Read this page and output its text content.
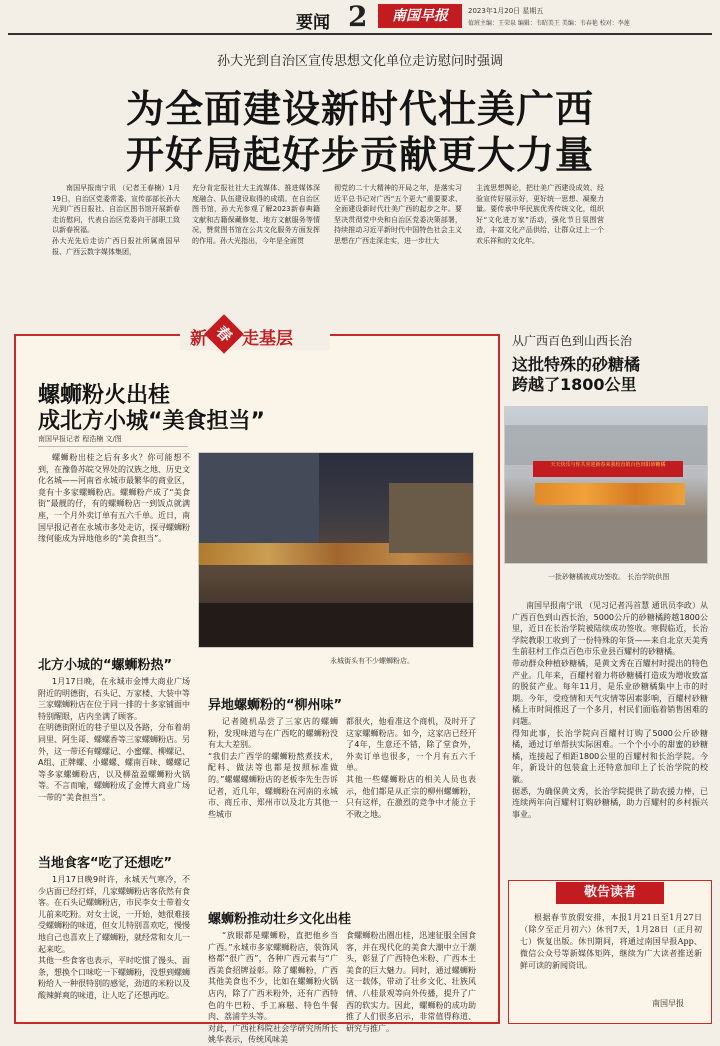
要闻 2	南国早报	2023年1月20日 星期五
值班主编：王荣泉 编辑：韦昭美王 美编：韦春艳 校对：李莲
孙大光到自治区宣传思想文化单位走访慰问时强调
为全面建设新时代壮美广西
开好局起好步贡献更大力量
南国早报南宁讯 （记者王春楠）1月19日，自治区党委常委、宣传部部长孙大光到广西日报社、自治区图书馆开展新春走访慰问，代表自治区党委向干部职工致以新春祝福。
孙大光先后走访广西日报社所属南国早报、广西云数字媒体集团，
充分肯定报社社大主流媒体、推进媒体深度融合、队伍建设取得的成绩。在自治区图书馆，孙大光参观了解2023新春典籍文献和古籍保藏修复、地方文献服务等情况，赞赏图书馆在公共文化服务方面发挥的作用。孙大光指出，今年是全面贯
彻党的二十大精神的开局之年，是落实习近平总书记对广西“五个更大”重要要求、全面建设新时代壮美广西的起步之年。要坚决贯彻党中央和自治区党委决策部署，持续推动习近平新时代中国特色社会主义思想在广西走深走实，进一步壮大
主流思想舆论，把壮美广西建设成效、经验宣传好展示好，更好统一思想、凝聚力量。要传承中华民族优秀传统文化，组织好“文化进万家”活动，强化节日氛围营造，丰富文化产品供给，让群众过上一个欢乐祥和的文化年。
新 春 走基层
螺蛳粉火出桂
成北方小城“美食担当”
南国早报记者 程浩楠 文/图
螺蛳粉出桂之后有多火？你可能想不到，在豫鲁苏皖交界处的汉族之地、历史文化名城——河南省永城市最繁华的商业区，竟有十多家螺蛳粉店。螺蛳粉产成了“美食街”最靓的仔，有的螺蛳粉店一到饭点就满座，一个月外卖订单有五六千单。近日，南国早报记者在永城市多处走访，探寻螺蛳粉缘何能成为异地他乡的“美食担当”。
永城街头有不少螺蛳粉店。
北方小城的“螺蛳粉热”
1月17日晚，在永城市金博大商业广场附近的明德街，石头记、万家楼、大装中等三家螺蛳粉店在位于同一排的十多家铺面中特别醒眼，店内坐满了顾客。
在明德街附近的巷子里以及各路，分布着胡同里、阿生哥、螺螺香等三家螺蛳粉店。另外，这一带还有螺螺记、小蜜螺、柳螺记、A组、正牌螺、小螺螺、螺南百味、螺螺记等多家螺蛳粉店，以及柳盈盈螺蛳粉火锅等。不言而喻，螺蛳粉成了金博大商业广场一带的“美食担当”。
当地食客“吃了还想吃”
1月17日晚9时许，永城天气寒冷，不少店面已经打烊，几家螺蛳粉店客依然有食客。在石头记螺蛳粉店，市民李女士带着女儿前来吃粉。对女士说，一开始，她很难接受螺蛳粉的味道，但女儿特别喜欢吃，慢慢地自己也喜欢上了螺蛳粉，就经常和女儿一起来吃。
其他一些食客也表示，平时吃惯了馒头、面条，想换个口味吃一下螺蛳粉，没想到螺蛳粉给人一种很特别的感觉，劲道的米粉以及酸辣鲜爽的味道，让人吃了还想再吃。
异地螺蛳粉的“柳州味”
记者随机品尝了三家店的螺蛳粉，发现味道与在广西吃的螺蛳粉没有太大差别。
“我们去广西学的螺蛳粉熬煮技术，配料、做法等也都是按照标准做的。”螺螺螺蛳粉店的老板李先生告诉记者，近几年，螺蛳粉在河南的永城市、商丘市、郑州市以及北方其他一些城市
都很火，他看准这个商机，及时开了这家螺蛳粉店。如今，这家店已经开了4年，生意还不错，除了堂食外，外卖订单也很多，一个月有五六千单。
其他一些螺蛳粉店的相关人员也表示，他们都是从正宗的柳州螺蛳粉，只有这样，在激烈的竞争中才能立于不败之地。
螺蛳粉推动壮乡文化出桂
“放眼都是螺蛳粉，直把他乡当广西。”永城市多家螺蛳粉店，装饰风格都“很广西”，各种广西元素与“广西美食招牌益彰。除了螺蛳粉，广西其他美食也不少，比如在螺蛳粉火锅店内，除了广西米粉外，还有广西特色的牛巴粉、手工麻糍、特色牛餐肉、荔浦芋头等。
对此，广西社科院社会学研究所所长姚华表示，传统风味美
食螺蛳粉出圈出桂，迅速征服全国食客，并在现代化的美食大潮中立于潮头，彰显了广西特色米粉、广西本土美食的巨大魅力。同时，通过螺蛳粉这一载体，带动了壮乡文化、壮族风情、八桂景观等向外传播，提升了广西的软实力。因此，螺蛳粉的成功助推了人们很多启示，非常值得称道、研究与推广。
从广西百色到山西长治
这批特殊的砂糖橘
跨越了1800公里
天天快乐与你共喜迎新春来我校直销百色田阳砂糖橘
一批砂糖橘被成功签收。 长治学院供图
南国早报南宁讯 （见习记者冯首慧 通讯员李政）从广西百色到山西长治，5000公斤的砂糖橘跨越1800公里，近日在长治学院被陆续成功签收。寒假临近，长治学院教职工收到了一份特殊的年货——来自北京天美秀生前驻村工作点百色市乐业县百耀村的砂糖橘。
带动群众种植砂糖橘，是黄文秀在百耀村时提出的特色产业。几年来，百耀村着力将砂糖橘打造成为增收致富的脱贫产业。每年11月，是乐业砂糖橘集中上市的时期。今年，受疫情和天气灾情等因素影响，百耀村砂糖橘上市时间推迟了一个多月，村民们面临着销售困难的问题。
得知此事，长治学院向百耀村订购了5000公斤砂糖橘，通过订单帮扶实际困难。一个个小小的甜蜜的砂糖橘，连接起了相距1800公里的百耀村和长治学院。今年，新设计的包装盒上还特意加印上了长治学院的校徽。
据悉，为确保黄文秀，长治学院提供了助农援力棒，已连续两年向百耀村订购砂糖橘，助力百耀村的乡村振兴事业。
敬告读者
根据春节放假安排，本报1月21日至1月27日（除夕至正月初六）休刊7天，1月28日（正月初七）恢复出版。休刊期间，将通过南国早报App、微信公众号等新媒体矩阵，继续为广大读者推送新鲜可读的新闻资讯。
南国早报
